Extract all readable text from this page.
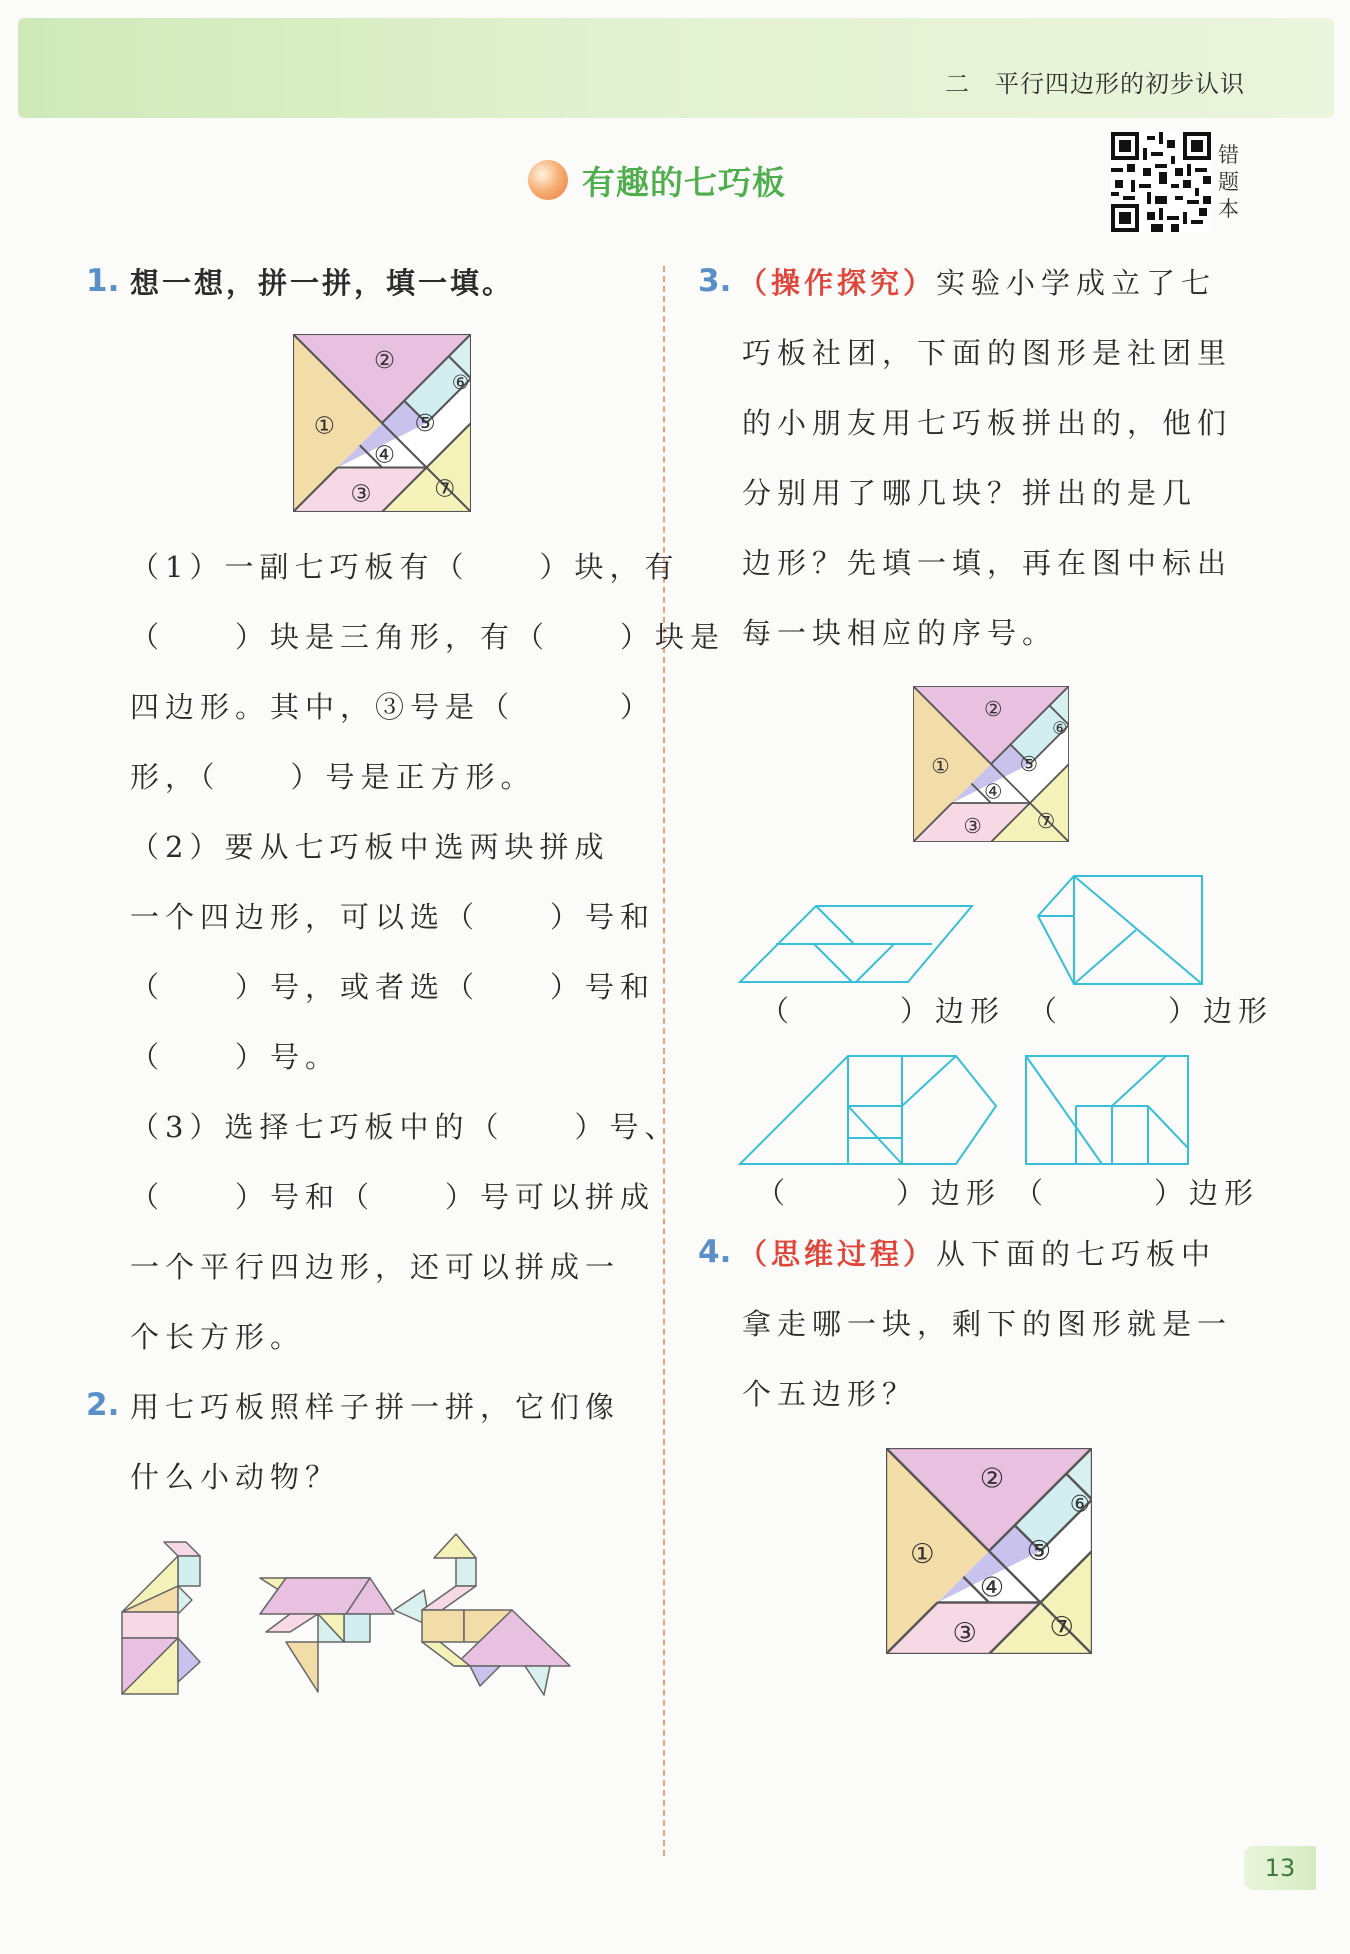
二　平行四边形的初步认识
有趣的七巧板
错
题
本
1. 想一想，拼一拼，填一填。
（1）一副七巧板有（　　）块，有
（　　）块是三角形，有（　　）块是
四边形。其中，③号是（　　　）
形，（　　）号是正方形。
（2）要从七巧板中选两块拼成
一个四边形，可以选（　　）号和
（　　）号，或者选（　　）号和
（　　）号。
（3）选择七巧板中的（　　）号、
（　　）号和（　　）号可以拼成
一个平行四边形，还可以拼成一
个长方形。
2. 用七巧板照样子拼一拼，它们像
什么小动物？
3. （操作探究）实验小学成立了七
巧板社团，下面的图形是社团里
的小朋友用七巧板拼出的，他们
分别用了哪几块？拼出的是几
边形？先填一填，再在图中标出
每一块相应的序号。
（　　　）边形 （　　　）边形
（　　　）边形 （　　　）边形
4. （思维过程）从下面的七巧板中
拿走哪一块，剩下的图形就是一
个五边形？
13
